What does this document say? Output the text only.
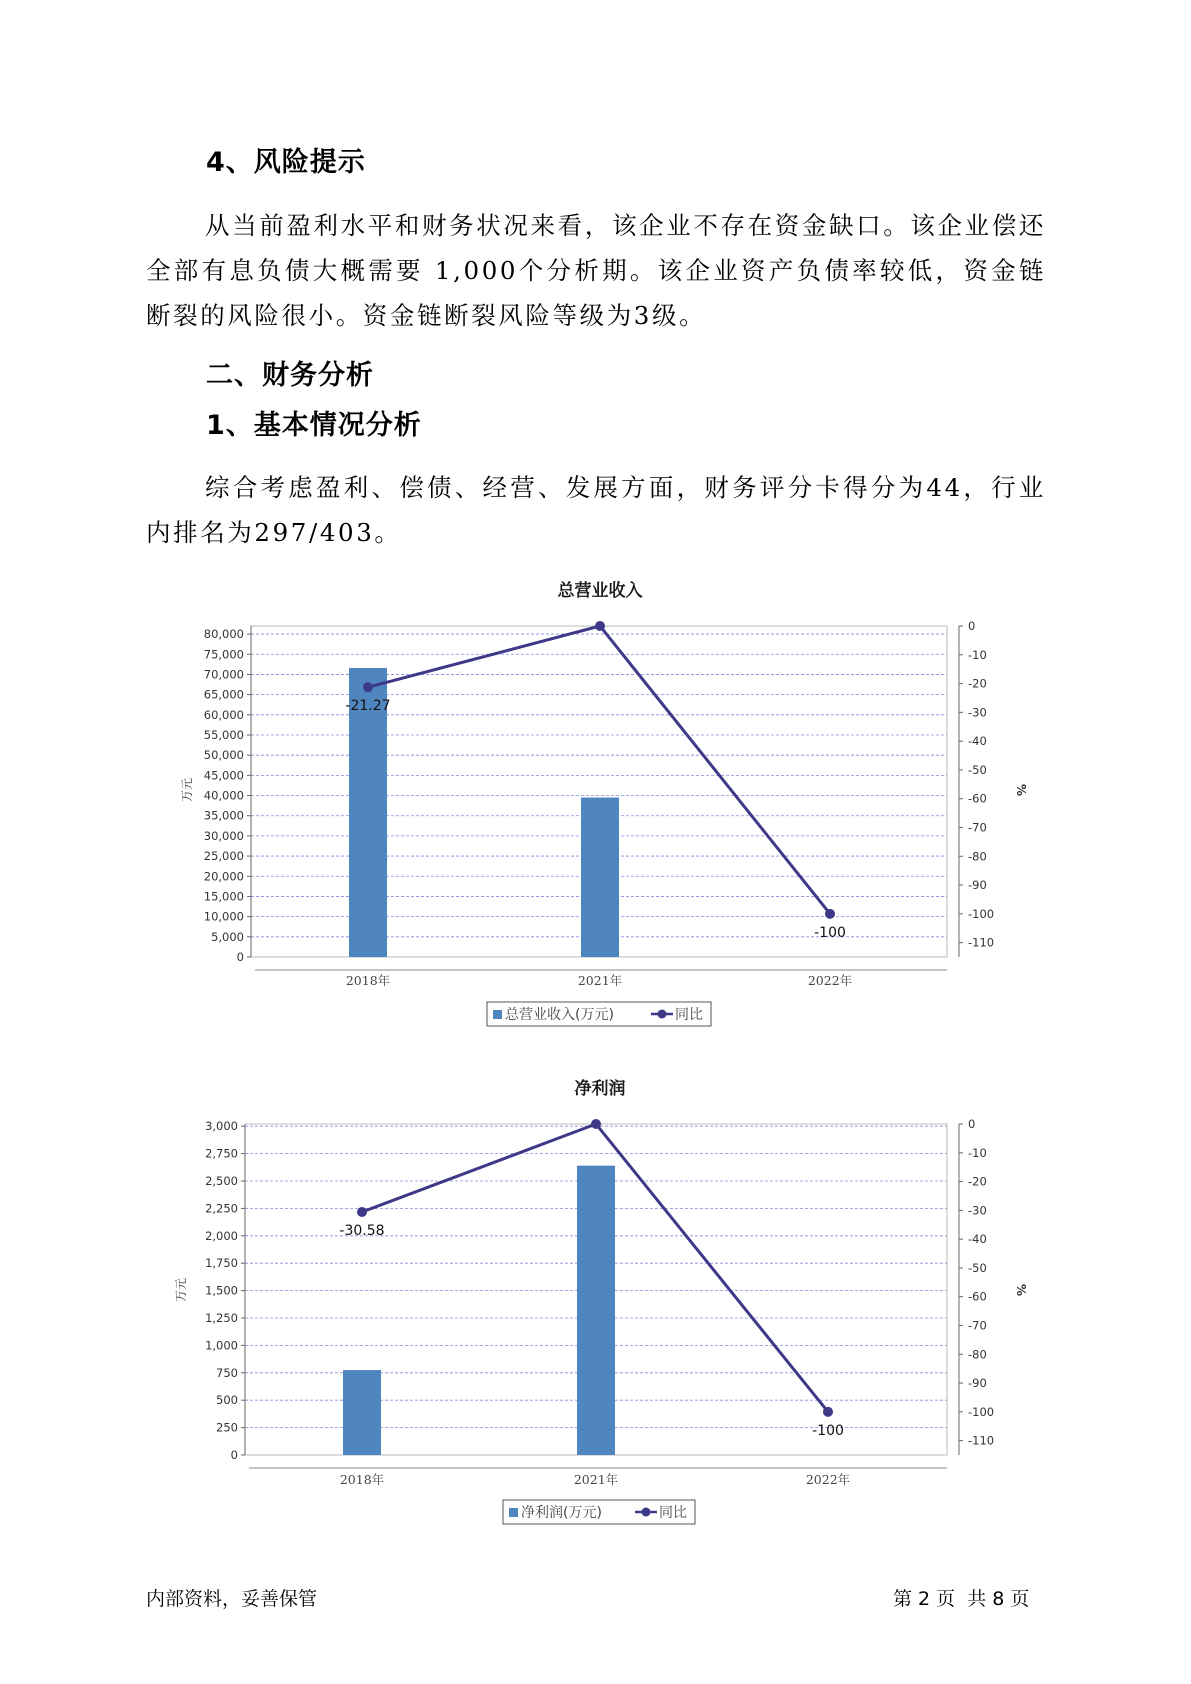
4、风险提示

从当前盈利水平和财务状况来看，该企业不存在资金缺口。该企业偿还全部有息负债大概需要 1,000个分析期。该企业资产负债率较低，资金链断裂的风险很小。资金链断裂风险等级为3级。

二、财务分析
1、基本情况分析

综合考虑盈利、偿债、经营、发展方面，财务评分卡得分为44，行业内排名为297/403。

总营业收入
0
5,000
10,000
15,000
20,000
25,000
30,000
35,000
40,000
45,000
50,000
55,000
60,000
65,000
70,000
75,000
80,000
0
-10
-20
-30
-40
-50
-60
-70
-80
-90
-100
-110
万元	%
2018年	2021年	2022年
-21.27
-100
总营业收入(万元)	同比
净利润
0
250
500
750
1,000
1,250
1,500
1,750
2,000
2,250
2,500
2,750
3,000	0
-10
-20
-30
-40
-50
-60
-70
-80
-90
-100
-110
万元	%
2018年	2021年	2022年
-30.58
-100
净利润(万元)	同比
内部资料，妥善保管	第 2 页  共 8 页
